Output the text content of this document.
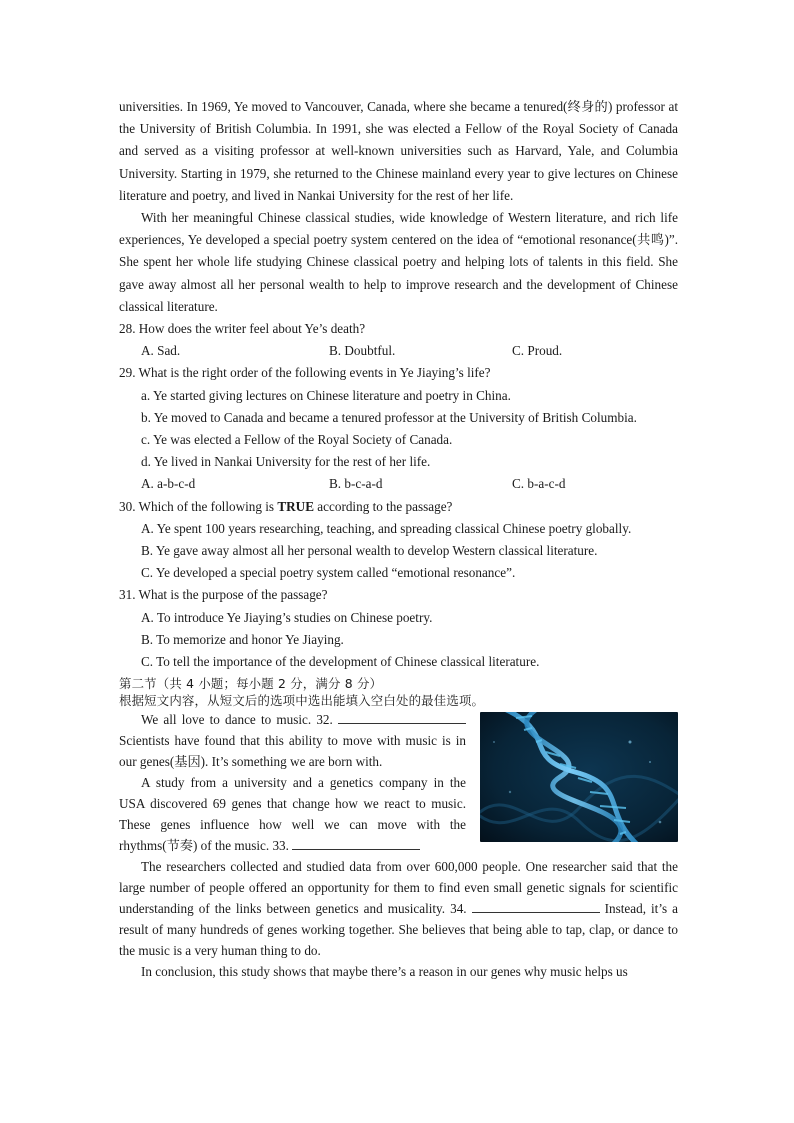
universities. In 1969, Ye moved to Vancouver, Canada, where she became a tenured(终身的) professor at the University of British Columbia. In 1991, she was elected a Fellow of the Royal Society of Canada and served as a visiting professor at well-known universities such as Harvard, Yale, and Columbia University. Starting in 1979, she returned to the Chinese mainland every year to give lectures on Chinese literature and poetry, and lived in Nankai University for the rest of her life.

With her meaningful Chinese classical studies, wide knowledge of Western literature, and rich life experiences, Ye developed a special poetry system centered on the idea of “emotional resonance(共鸣)”. She spent her whole life studying Chinese classical poetry and helping lots of talents in this field. She gave away almost all her personal wealth to help to improve research and the development of Chinese classical literature.

28. How does the writer feel about Ye’s death?
A. Sad.	B. Doubtful.	C. Proud.
29. What is the right order of the following events in Ye Jiaying’s life?
a. Ye started giving lectures on Chinese literature and poetry in China.
b. Ye moved to Canada and became a tenured professor at the University of British Columbia.
c. Ye was elected a Fellow of the Royal Society of Canada.
d. Ye lived in Nankai University for the rest of her life.
A. a-b-c-d	B. b-c-a-d	C. b-a-c-d
30. Which of the following is TRUE according to the passage?
A. Ye spent 100 years researching, teaching, and spreading classical Chinese poetry globally.
B. Ye gave away almost all her personal wealth to develop Western classical literature.
C. Ye developed a special poetry system called “emotional resonance”.
31. What is the purpose of the passage?
A. To introduce Ye Jiaying’s studies on Chinese poetry.
B. To memorize and honor Ye Jiaying.
C. To tell the importance of the development of Chinese classical literature.
第二节（共 4 小题；每小题 2 分，满分 8 分）
根据短文内容，从短文后的选项中选出能填入空白处的最佳选项。

We all love to dance to music. 32.  Scientists have found that this ability to move with music is in our genes(基因). It’s something we are born with.

A study from a university and a genetics company in the USA discovered 69 genes that change how we react to music. These genes influence how well we can move with the rhythms(节奏) of the music. 33.

The researchers collected and studied data from over 600,000 people. One researcher said that the large number of people offered an opportunity for them to find even small genetic signals for scientific understanding of the links between genetics and musicality. 34.	Instead, it’s a result of many hundreds of genes working together. She believes that being able to tap, clap, or dance to the music is a very human thing to do.

In conclusion, this study shows that maybe there’s a reason in our genes why music helps us
